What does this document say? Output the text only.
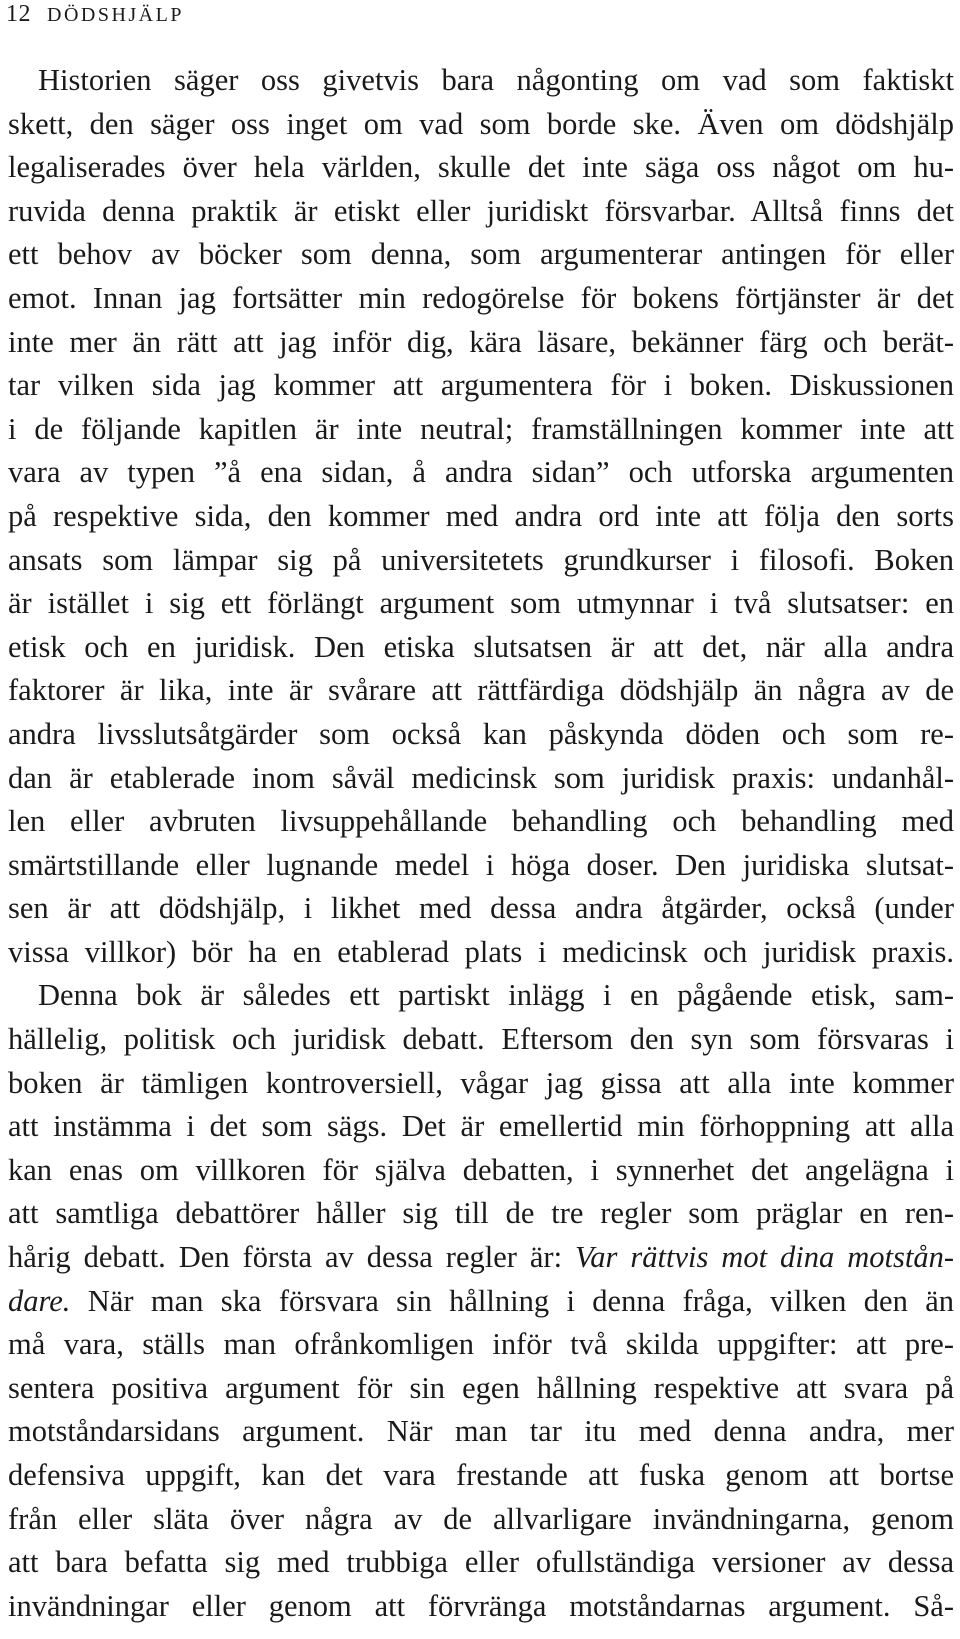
12 DÖDSHJÄLP
Historien säger oss givetvis bara någonting om vad som faktiskt
skett, den säger oss inget om vad som borde ske. Även om dödshjälp
legaliserades över hela världen, skulle det inte säga oss något om hu-
ruvida denna praktik är etiskt eller juridiskt försvarbar. Alltså finns det
ett behov av böcker som denna, som argumenterar antingen för eller
emot. Innan jag fortsätter min redogörelse för bokens förtjänster är det
inte mer än rätt att jag inför dig, kära läsare, bekänner färg och berät-
tar vilken sida jag kommer att argumentera för i boken. Diskussionen
i de följande kapitlen är inte neutral; framställningen kommer inte att
vara av typen ”å ena sidan, å andra sidan” och utforska argumenten
på respektive sida, den kommer med andra ord inte att följa den sorts
ansats som lämpar sig på universitetets grundkurser i filosofi. Boken
är istället i sig ett förlängt argument som utmynnar i två slutsatser: en
etisk och en juridisk. Den etiska slutsatsen är att det, när alla andra
faktorer är lika, inte är svårare att rättfärdiga dödshjälp än några av de
andra livsslutsåtgärder som också kan påskynda döden och som re-
dan är etablerade inom såväl medicinsk som juridisk praxis: undanhål-
len eller avbruten livsuppehållande behandling och behandling med
smärtstillande eller lugnande medel i höga doser. Den juridiska slutsat-
sen är att dödshjälp, i likhet med dessa andra åtgärder, också (under
vissa villkor) bör ha en etablerad plats i medicinsk och juridisk praxis.
Denna bok är således ett partiskt inlägg i en pågående etisk, sam-
hällelig, politisk och juridisk debatt. Eftersom den syn som försvaras i
boken är tämligen kontroversiell, vågar jag gissa att alla inte kommer
att instämma i det som sägs. Det är emellertid min förhoppning att alla
kan enas om villkoren för själva debatten, i synnerhet det angelägna i
att samtliga debattörer håller sig till de tre regler som präglar en ren-
hårig debatt. Den första av dessa regler är: Var rättvis mot dina motstån-
dare. När man ska försvara sin hållning i denna fråga, vilken den än
må vara, ställs man ofrånkomligen inför två skilda uppgifter: att pre-
sentera positiva argument för sin egen hållning respektive att svara på
motståndarsidans argument. När man tar itu med denna andra, mer
defensiva uppgift, kan det vara frestande att fuska genom att bortse
från eller släta över några av de allvarligare invändningarna, genom
att bara befatta sig med trubbiga eller ofullständiga versioner av dessa
invändningar eller genom att förvränga motståndarnas argument. Så-
